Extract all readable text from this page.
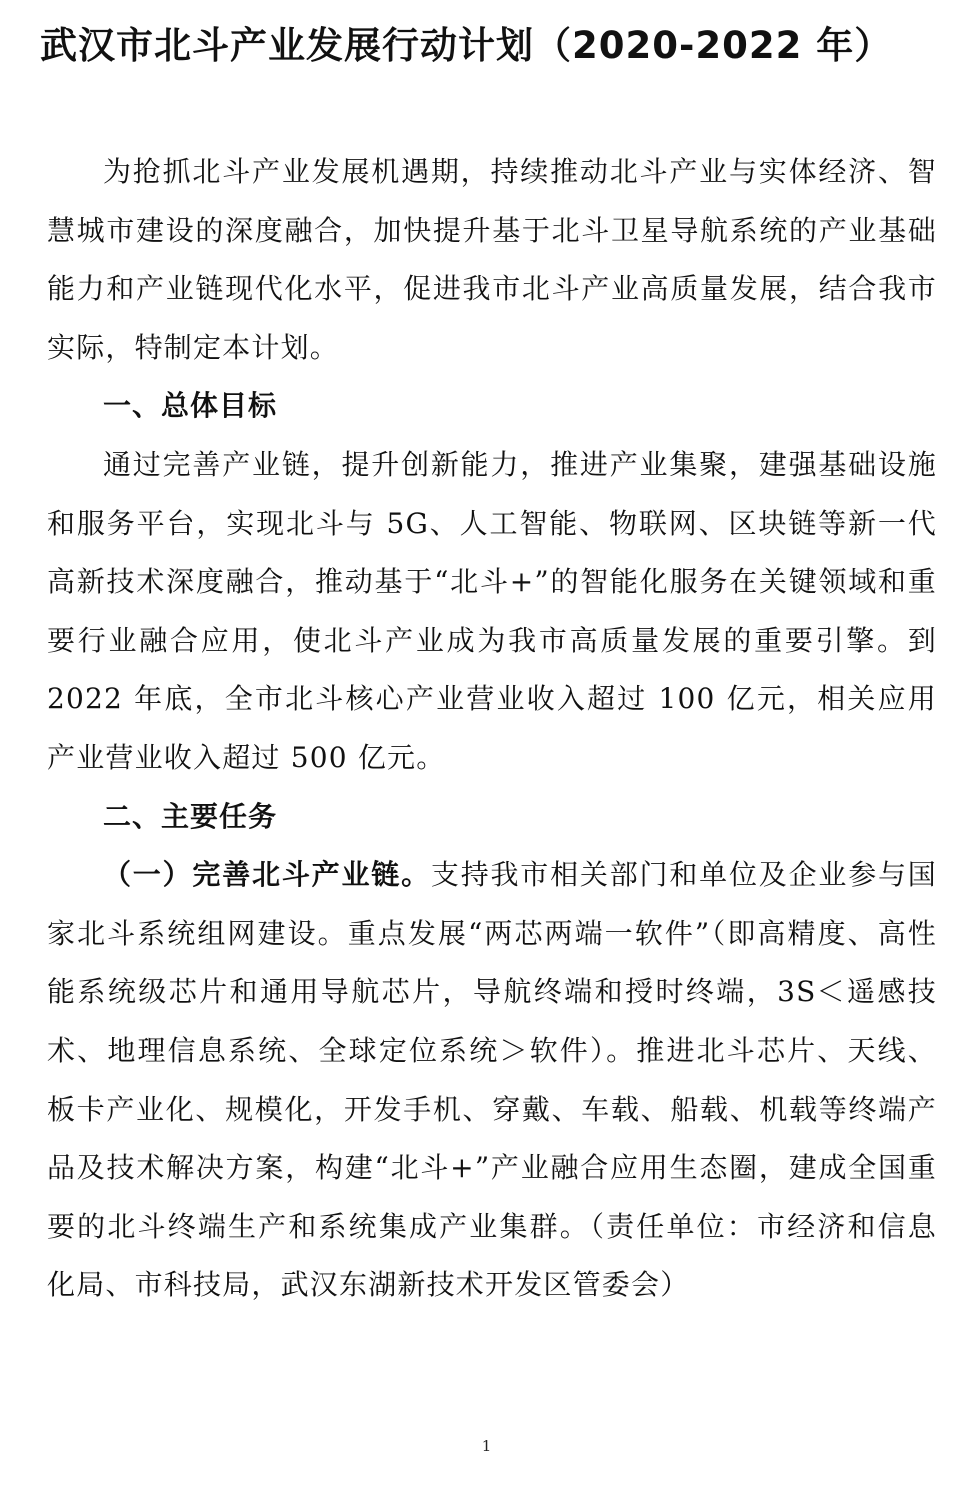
武汉市北斗产业发展行动计划（2020-2022 年）

为抢抓北斗产业发展机遇期，持续推动北斗产业与实体经济、智慧城市建设的深度融合，加快提升基于北斗卫星导航系统的产业基础能力和产业链现代化水平，促进我市北斗产业高质量发展，结合我市实际，特制定本计划。

一、总体目标

通过完善产业链，提升创新能力，推进产业集聚，建强基础设施和服务平台，实现北斗与 5G、人工智能、物联网、区块链等新一代高新技术深度融合，推动基于“北斗+”的智能化服务在关键领域和重要行业融合应用，使北斗产业成为我市高质量发展的重要引擎。到 2022 年底，全市北斗核心产业营业收入超过 100 亿元，相关应用产业营业收入超过 500 亿元。

二、主要任务

（一）完善北斗产业链。支持我市相关部门和单位及企业参与国家北斗系统组网建设。重点发展“两芯两端一软件”（即高精度、高性能系统级芯片和通用导航芯片，导航终端和授时终端，3S＜遥感技术、地理信息系统、全球定位系统＞软件）。推进北斗芯片、天线、板卡产业化、规模化，开发手机、穿戴、车载、船载、机载等终端产品及技术解决方案，构建“北斗+”产业融合应用生态圈，建成全国重要的北斗终端生产和系统集成产业集群。（责任单位：市经济和信息化局、市科技局，武汉东湖新技术开发区管委会）

1
